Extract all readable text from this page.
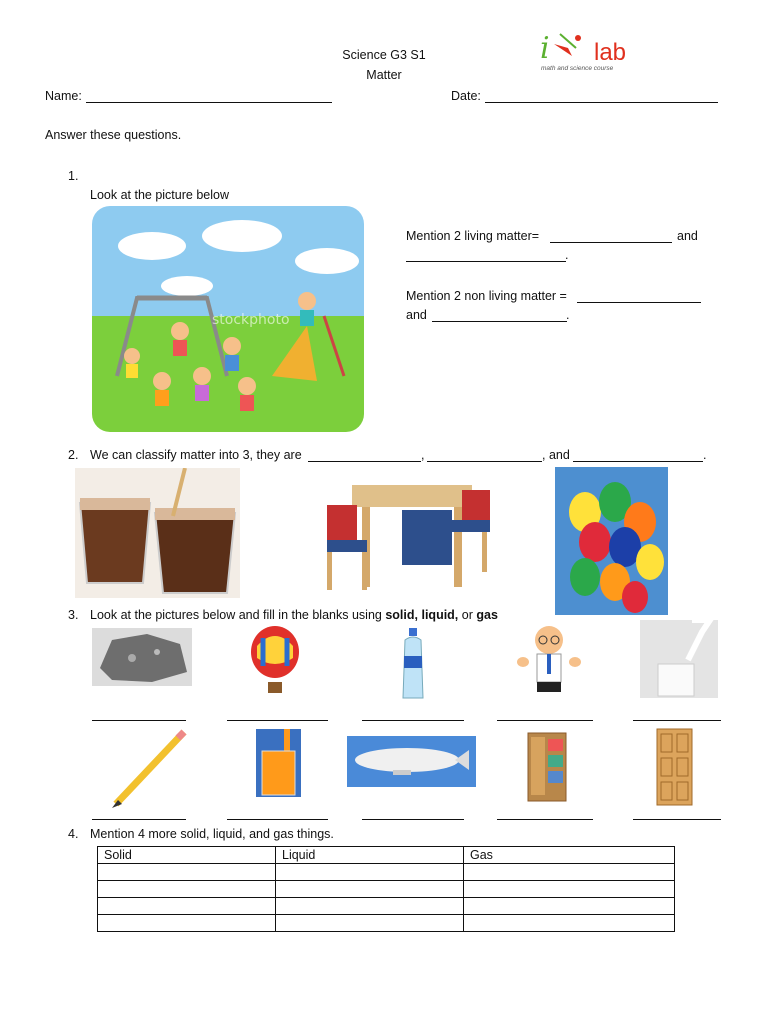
Science G3 S1
Matter
i lab
math and science course
Name:	Date:
Answer these questions.
1.
Look at the picture below
stockphoto
Mention 2 living matter=	and
.
Mention 2 non living matter =
and	.
2. We can classify matter into 3, they are	,	, and	.
3. Look at the pictures below and fill in the blanks using solid, liquid, or gas
4. Mention 4 more solid, liquid, and gas things.
Solid	Liquid	Gas
